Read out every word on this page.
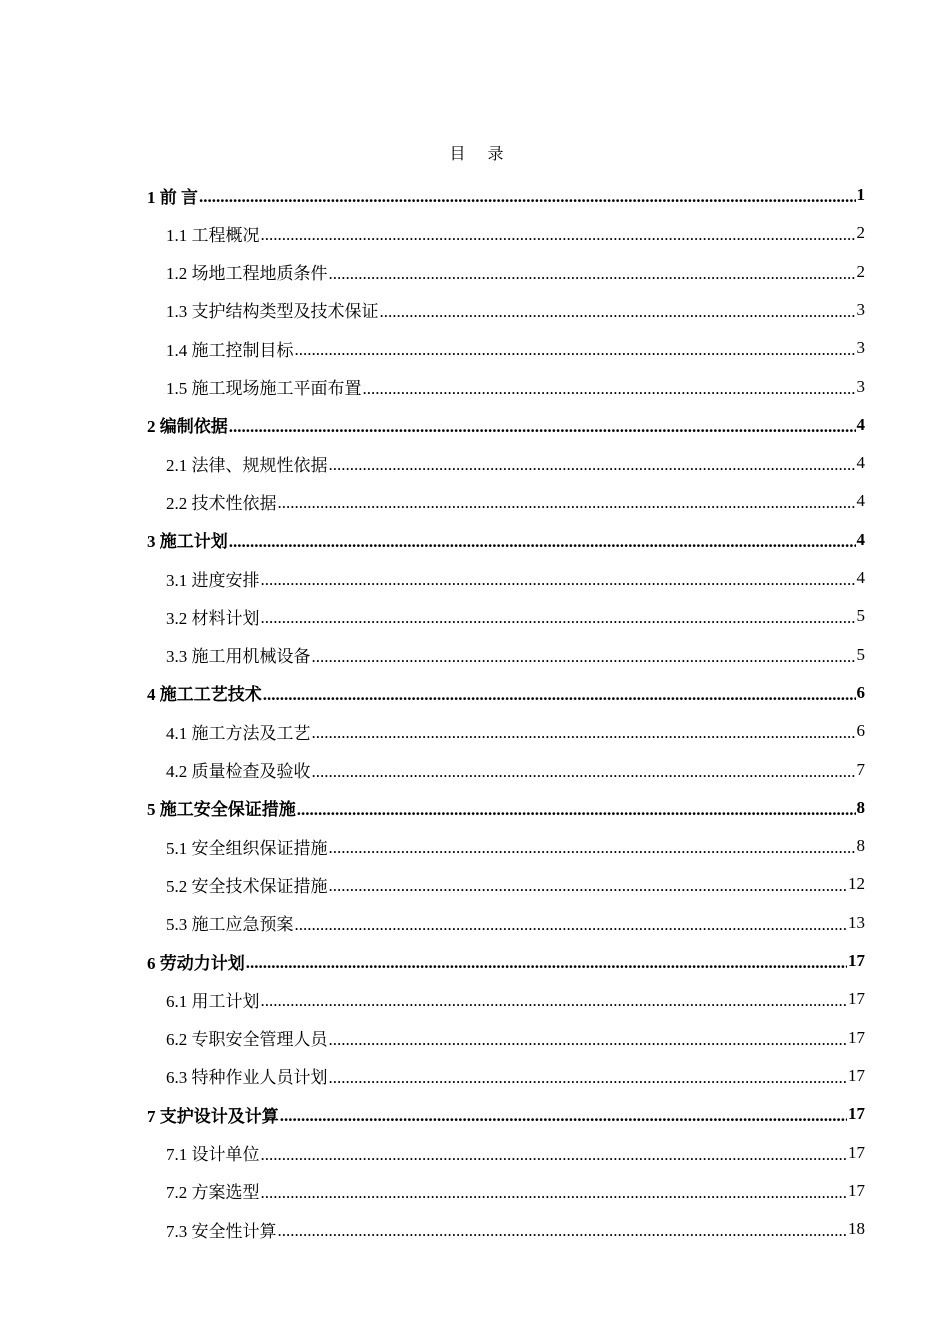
目录
1 前 言 .....	1
1.1 工程概况 .....	2
1.2 场地工程地质条件 .....	2
1.3 支护结构类型及技术保证 .....	3
1.4 施工控制目标 .....	3
1.5 施工现场施工平面布置 .....	3
2 编制依据 .....	4
2.1 法律、规规性依据 .....	4
2.2 技术性依据 .....	4
3 施工计划 .....	4
3.1 进度安排 .....	4
3.2 材料计划 .....	5
3.3 施工用机械设备 .....	5
4 施工工艺技术 .....	6
4.1 施工方法及工艺 .....	6
4.2 质量检查及验收 .....	7
5 施工安全保证措施 .....	8
5.1 安全组织保证措施 .....	8
5.2 安全技术保证措施 .....	12
5.3 施工应急预案 .....	13
6 劳动力计划 .....	17
6.1 用工计划 .....	17
6.2 专职安全管理人员 .....	17
6.3 特种作业人员计划 .....	17
7 支护设计及计算 .....	17
7.1 设计单位 .....	17
7.2 方案选型 .....	17
7.3 安全性计算 .....	18
